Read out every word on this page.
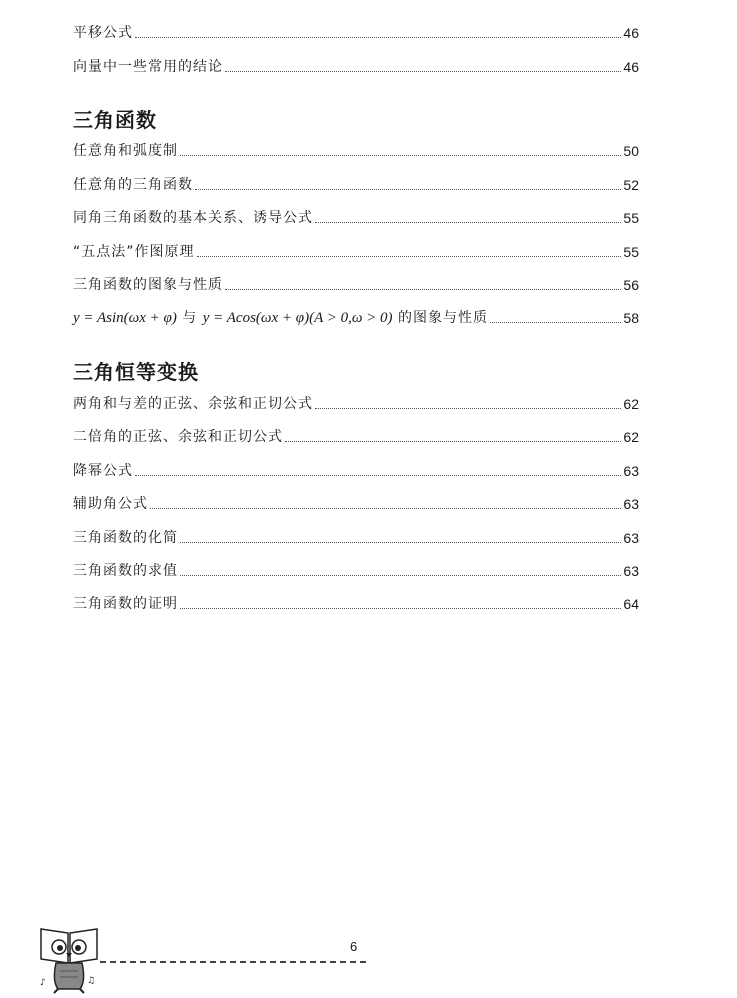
平移公式	46
向量中一些常用的结论	46
三角函数
任意角和弧度制	50
任意角的三角函数	52
同角三角函数的基本关系、诱导公式	55
“五点法”作图原理	55
三角函数的图象与性质	56
y = Asin(ωx + φ) 与 y = Acos(ωx + φ)(A > 0,ω > 0) 的图象与性质	58
三角恒等变换
两角和与差的正弦、余弦和正切公式	62
二倍角的正弦、余弦和正切公式	62
降幂公式	63
辅助角公式	63
三角函数的化简	63
三角函数的求值	63
三角函数的证明	64
♪	♫
6
